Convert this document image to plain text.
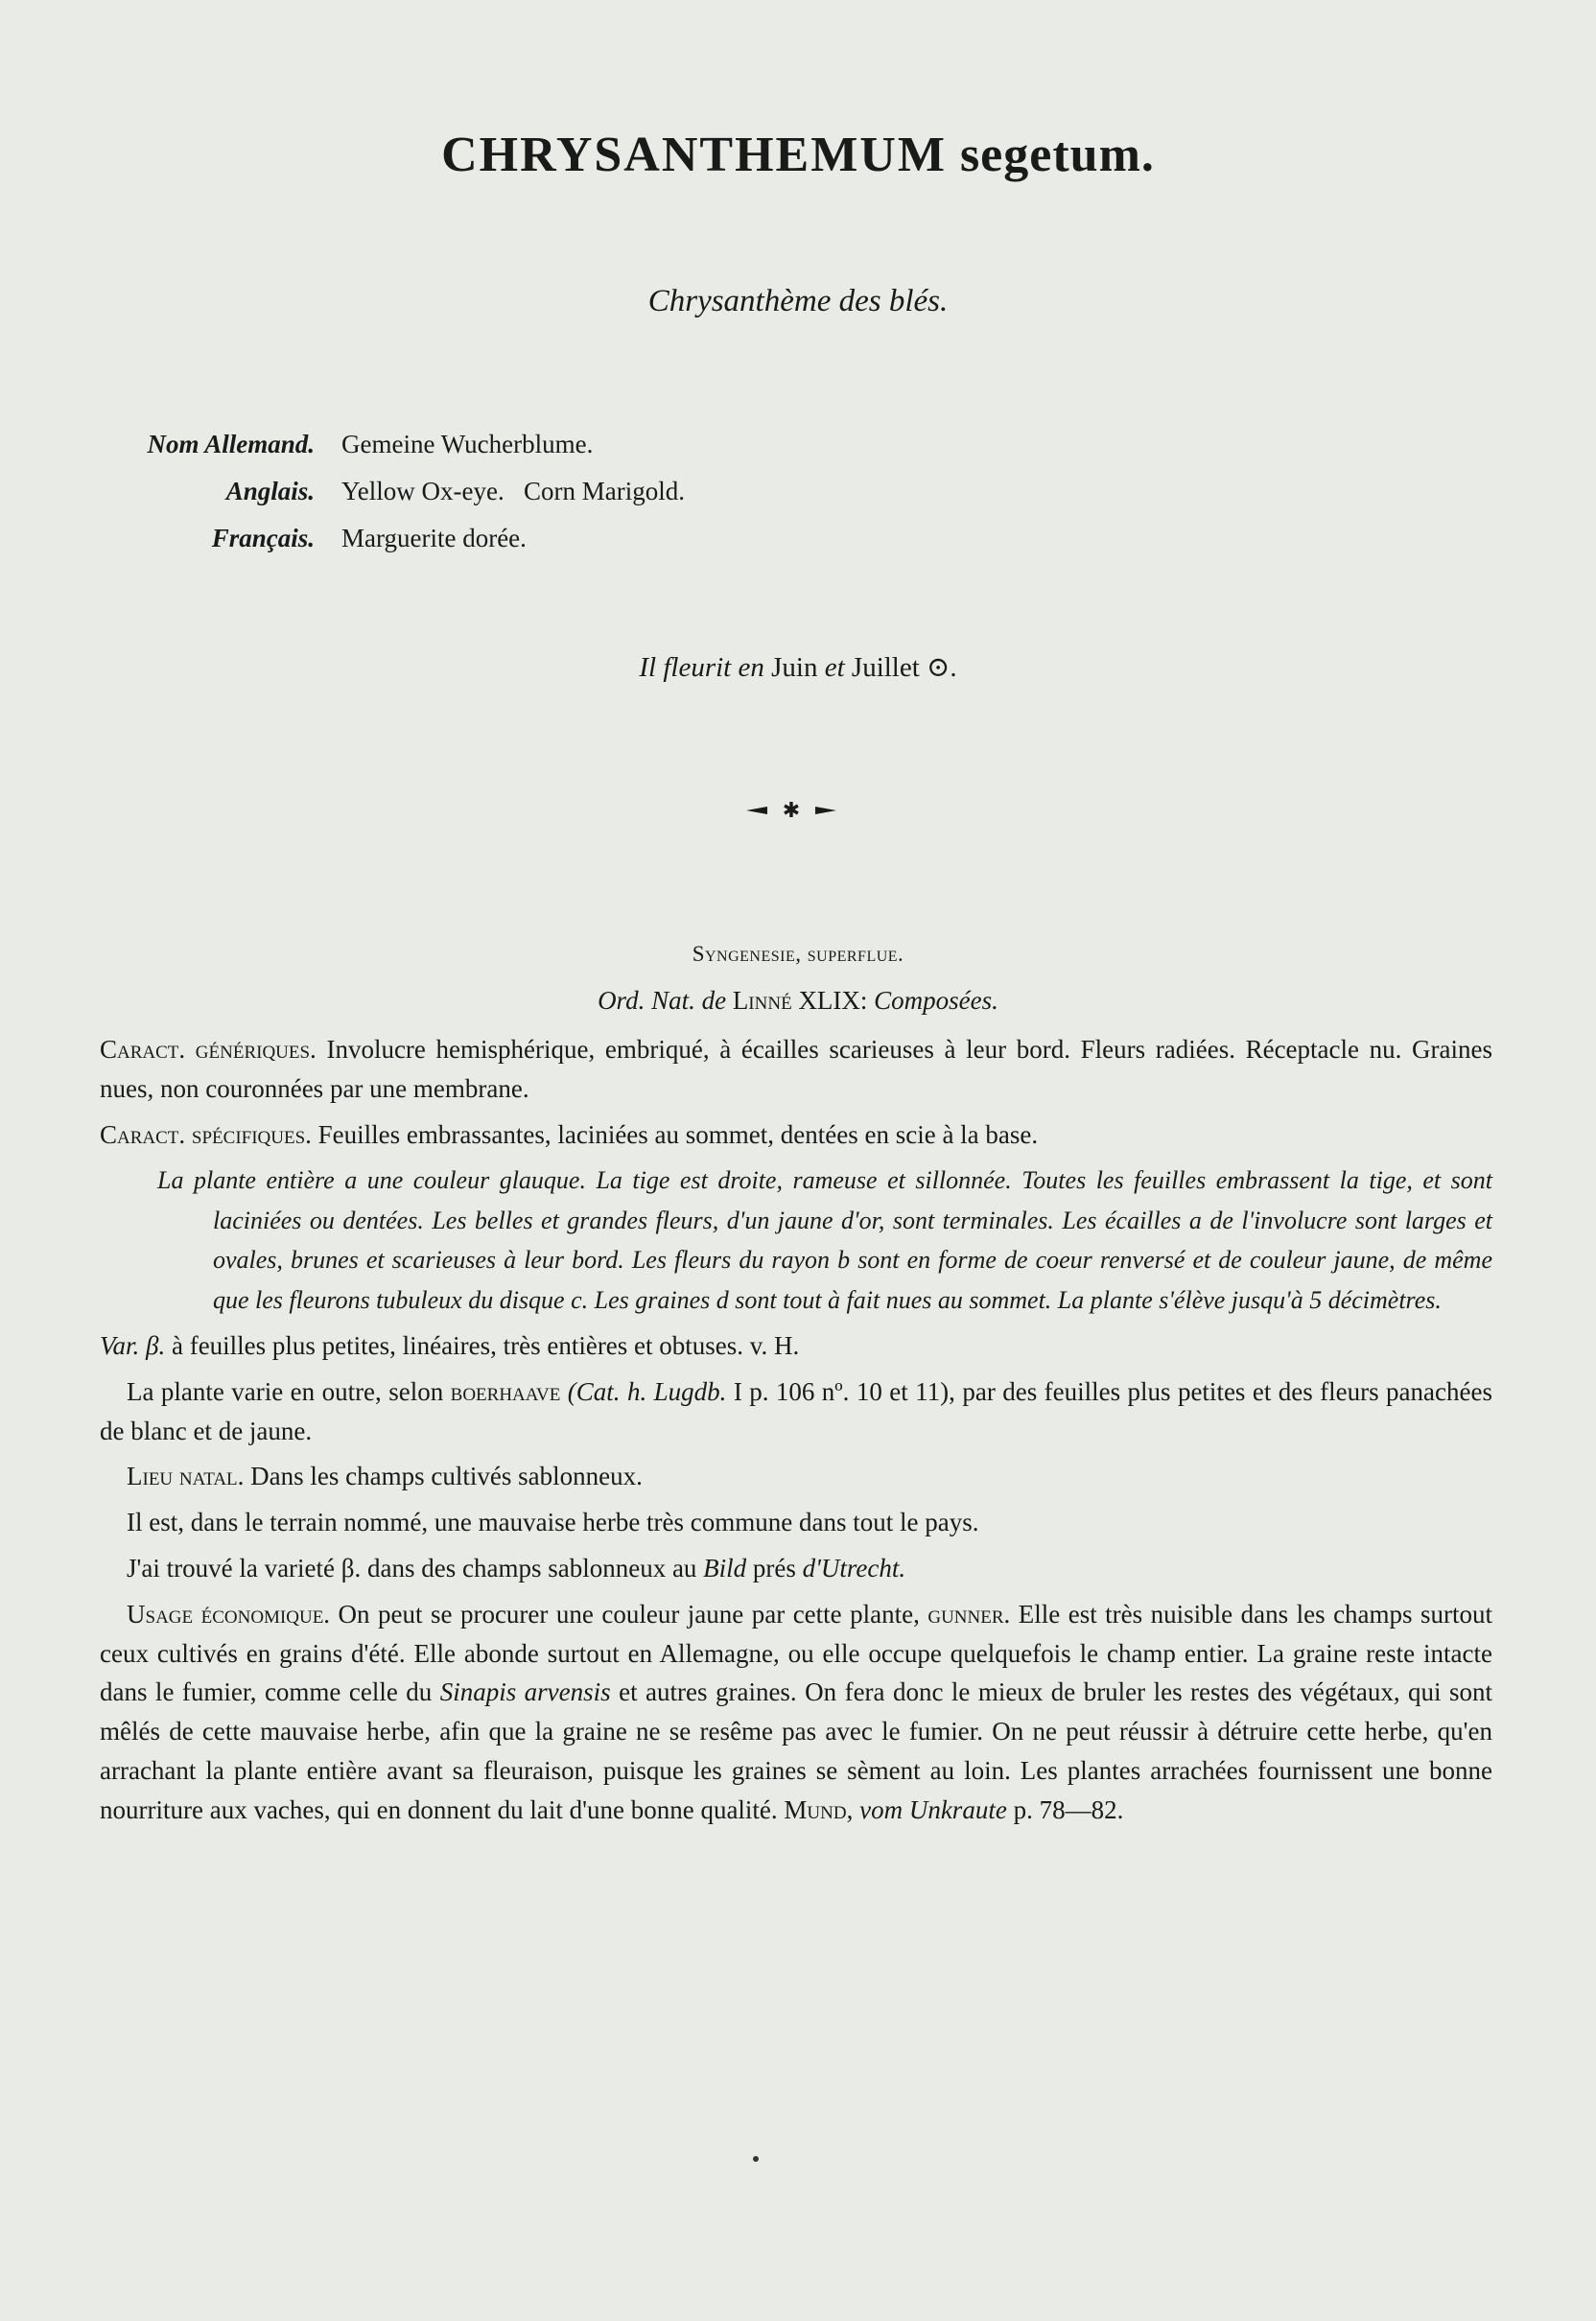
CHRYSANTHEMUM segetum.
Chrysanthème des blés.
Nom Allemand.	Gemeine Wucherblume.
Anglais.	Yellow Ox-eye.   Corn Marigold.
Français.	Marguerite dorée.
Il fleurit en Juin et Juillet ⊙.
✱
Syngenesie, superflue.
Ord. Nat. de Linné XLIX: Composées.

Caract. génériques. Involucre hemisphérique, embriqué, à écailles scarieuses à leur bord. Fleurs radiées. Réceptacle nu. Graines nues, non couronnées par une membrane.

Caract. spécifiques. Feuilles embrassantes, laciniées au sommet, dentées en scie à la base.

La plante entière a une couleur glauque. La tige est droite, rameuse et sillonnée. Toutes les feuilles embrassent la tige, et sont laciniées ou dentées. Les belles et grandes fleurs, d'un jaune d'or, sont terminales. Les écailles a de l'involucre sont larges et ovales, brunes et scarieuses à leur bord. Les fleurs du rayon b sont en forme de coeur renversé et de couleur jaune, de même que les fleurons tubuleux du disque c. Les graines d sont tout à fait nues au sommet. La plante s'élève jusqu'à 5 décimètres.

Var. β. à feuilles plus petites, linéaires, très entières et obtuses. v. H.

La plante varie en outre, selon boerhaave (Cat. h. Lugdb. I p. 106 nº. 10 et 11), par des feuilles plus petites et des fleurs panachées de blanc et de jaune.

Lieu natal. Dans les champs cultivés sablonneux.

Il est, dans le terrain nommé, une mauvaise herbe très commune dans tout le pays.

J'ai trouvé la varieté β. dans des champs sablonneux au Bild prés d'Utrecht.

Usage économique. On peut se procurer une couleur jaune par cette plante, gunner. Elle est très nuisible dans les champs surtout ceux cultivés en grains d'été. Elle abonde surtout en Allemagne, ou elle occupe quelquefois le champ entier. La graine reste intacte dans le fumier, comme celle du Sinapis arvensis et autres graines. On fera donc le mieux de bruler les restes des végétaux, qui sont mêlés de cette mauvaise herbe, afin que la graine ne se resême pas avec le fumier. On ne peut réussir à détruire cette herbe, qu'en arrachant la plante entière avant sa fleuraison, puisque les graines se sèment au loin. Les plantes arrachées fournissent une bonne nourriture aux vaches, qui en donnent du lait d'une bonne qualité. Mund, vom Unkraute p. 78—82.
